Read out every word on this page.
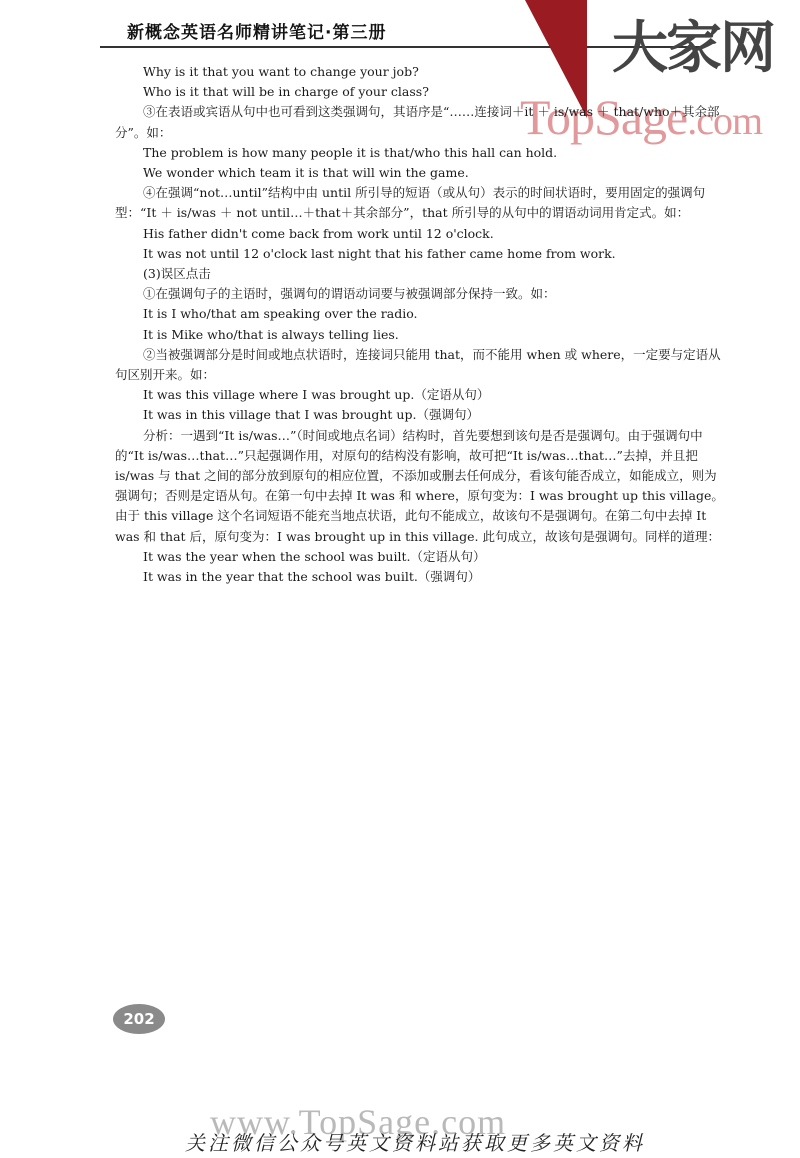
新概念英语名师精讲笔记·第三册	大家网
TopSage.com

Why is it that you want to change your job?

Who is it that will be in charge of your class?

③在表语或宾语从句中也可看到这类强调句，其语序是“……连接词＋it ＋ is/was ＋ that/who＋其余部分”。如：

The problem is how many people it is that/who this hall can hold.

We wonder which team it is that will win the game.

④在强调“not…until”结构中由 until 所引导的短语（或从句）表示的时间状语时，要用固定的强调句型：“It ＋ is/was ＋ not until…＋that＋其余部分”，that 所引导的从句中的谓语动词用肯定式。如：

His father didn't come back from work until 12 o'clock.

It was not until 12 o'clock last night that his father came home from work.

(3)误区点击

①在强调句子的主语时，强调句的谓语动词要与被强调部分保持一致。如：

It is I who/that am speaking over the radio.

It is Mike who/that is always telling lies.

②当被强调部分是时间或地点状语时，连接词只能用 that，而不能用 when 或 where，一定要与定语从句区别开来。如：

It was this village where I was brought up.（定语从句）

It was in this village that I was brought up.（强调句）

分析：一遇到“It is/was…”（时间或地点名词）结构时，首先要想到该句是否是强调句。由于强调句中的“It is/was…that…”只起强调作用，对原句的结构没有影响，故可把“It is/was…that…”去掉，并且把 is/was 与 that 之间的部分放到原句的相应位置，不添加或删去任何成分，看该句能否成立，如能成立，则为强调句；否则是定语从句。在第一句中去掉 It was 和 where，原句变为：I was brought up this village。由于 this village 这个名词短语不能充当地点状语，此句不能成立，故该句不是强调句。在第二句中去掉 It was 和 that 后，原句变为：I was brought up in this village. 此句成立，故该句是强调句。同样的道理：

It was the year when the school was built.（定语从句）

It was in the year that the school was built.（强调句）

202
www.TopSage.com
关注微信公众号英文资料站获取更多英文资料
